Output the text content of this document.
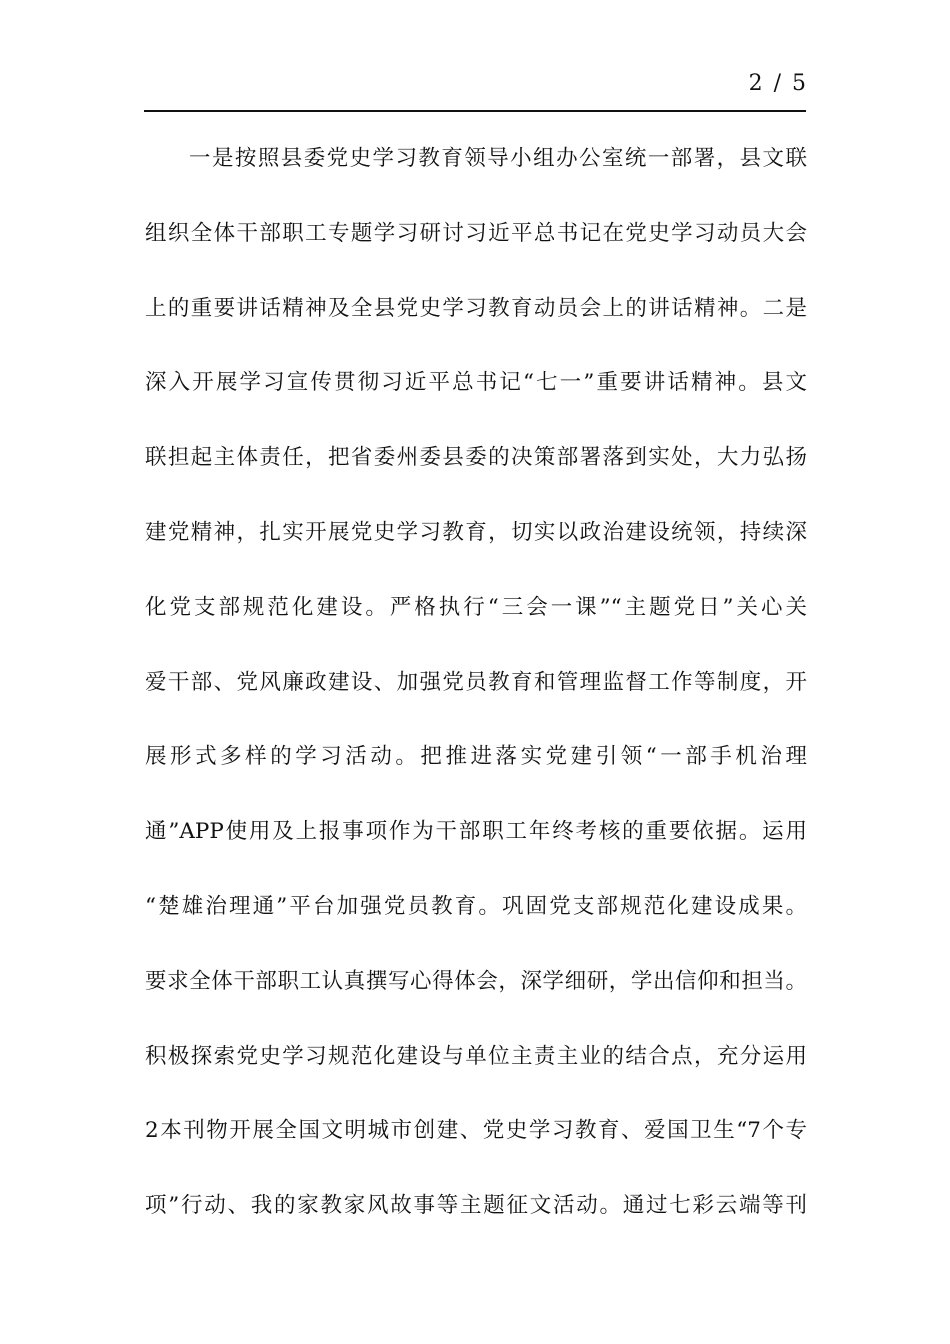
2 / 5
一是按照县委党史学习教育领导小组办公室统一部署，县文联
组织全体干部职工专题学习研讨习近平总书记在党史学习动员大会
上的重要讲话精神及全县党史学习教育动员会上的讲话精神。二是
深入开展学习宣传贯彻习近平总书记“七一”重要讲话精神。县文
联担起主体责任，把省委州委县委的决策部署落到实处，大力弘扬
建党精神，扎实开展党史学习教育，切实以政治建设统领，持续深
化党支部规范化建设。严格执行“三会一课”“主题党日”关心关
爱干部、党风廉政建设、加强党员教育和管理监督工作等制度，开
展形式多样的学习活动。把推进落实党建引领“一部手机治理
通”APP使用及上报事项作为干部职工年终考核的重要依据。运用
“楚雄治理通”平台加强党员教育。巩固党支部规范化建设成果。
要求全体干部职工认真撰写心得体会，深学细研，学出信仰和担当。
积极探索党史学习规范化建设与单位主责主业的结合点，充分运用
2本刊物开展全国文明城市创建、党史学习教育、爱国卫生“7个专
项”行动、我的家教家风故事等主题征文活动。通过七彩云端等刊
